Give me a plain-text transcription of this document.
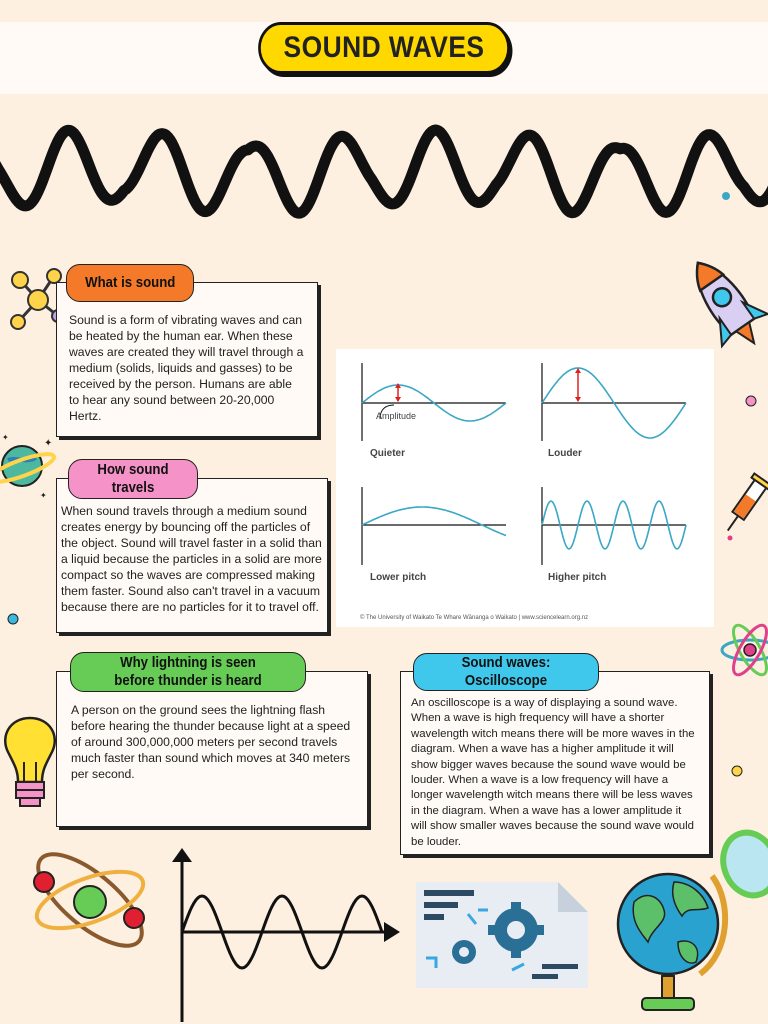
SOUND WAVES
✦
✦
✦

Sound is a form of vibrating waves and can be heated by the human ear. When these waves are created they will travel through a medium (solids, liquids and gasses) to be received by the person. Humans are able to hear any sound between 20-20,000 Hertz.

What is sound

When sound travels through a medium sound creates energy by bouncing off the particles of the object. Sound will travel faster in a solid than a liquid because the particles in a solid are more compact so the waves are compressed making them faster. Sound also can't travel in a vacuum because there are no particles for it to travel off.

How sound travels

A person on the ground sees the lightning flash before hearing the thunder because light at a speed of around 300,000,000 meters per second travels much faster than sound which moves at 340 meters per second.

Why lightning is seen before thunder is heard

An oscilloscope is a way of displaying a sound wave. When a wave is high frequency will have a shorter wavelength witch means there will be more waves in the diagram. When a wave has a higher amplitude it will show bigger waves because the sound wave would be louder. When a wave is a low frequency will have a longer wavelength witch means there will be less waves in the diagram. When a wave has a lower amplitude it will show smaller waves because the sound wave would be louder.

Sound waves: Oscilloscope
Amplitude
Quieter	Louder
Lower pitch	Higher pitch
© The University of Waikato Te Whare Wānanga o Waikato | www.sciencelearn.org.nz
